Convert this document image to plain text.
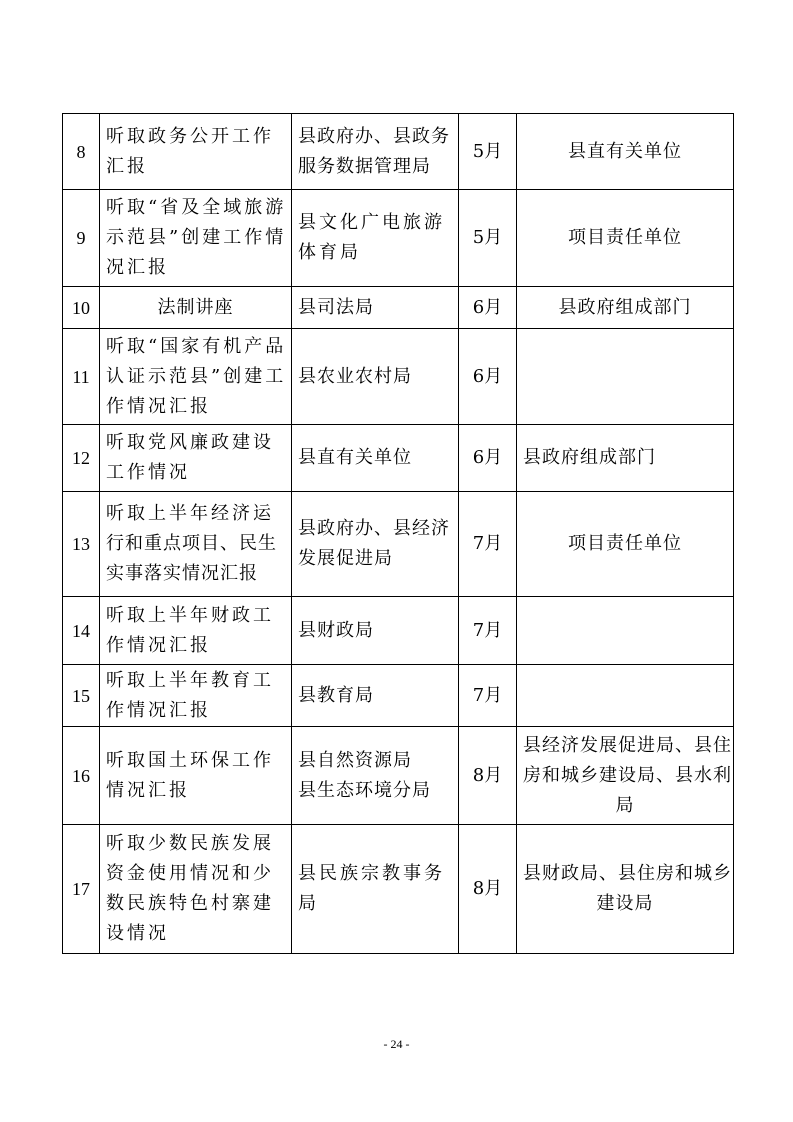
8	听取政务公开工作
汇报	县政府办、县政务
服务数据管理局	5月	县直有关单位

9	听取“省及全域旅游
示范县”创建工作情
况汇报	县文化广电旅游
体育局	5月	项目责任单位

10	法制讲座	县司法局	6月	县政府组成部门

11	听取“国家有机产品
认证示范县”创建工
作情况汇报	县农业农村局	6月	
12	听取党风廉政建设
工作情况	县直有关单位	6月	县政府组成部门

13	听取上半年经济运
行和重点项目、民生
实事落实情况汇报	县政府办、县经济
发展促进局	7月	项目责任单位

14	听取上半年财政工
作情况汇报	县财政局	7月	
15	听取上半年教育工
作情况汇报	县教育局	7月	
16	听取国土环保工作
情况汇报	县自然资源局
县生态环境分局	8月	县经济发展促进局、县住
房和城乡建设局、县水利
局

17	听取少数民族发展
资金使用情况和少
数民族特色村寨建
设情况	县民族宗教事务
局	8月	县财政局、县住房和城乡
建设局
- 24 -
